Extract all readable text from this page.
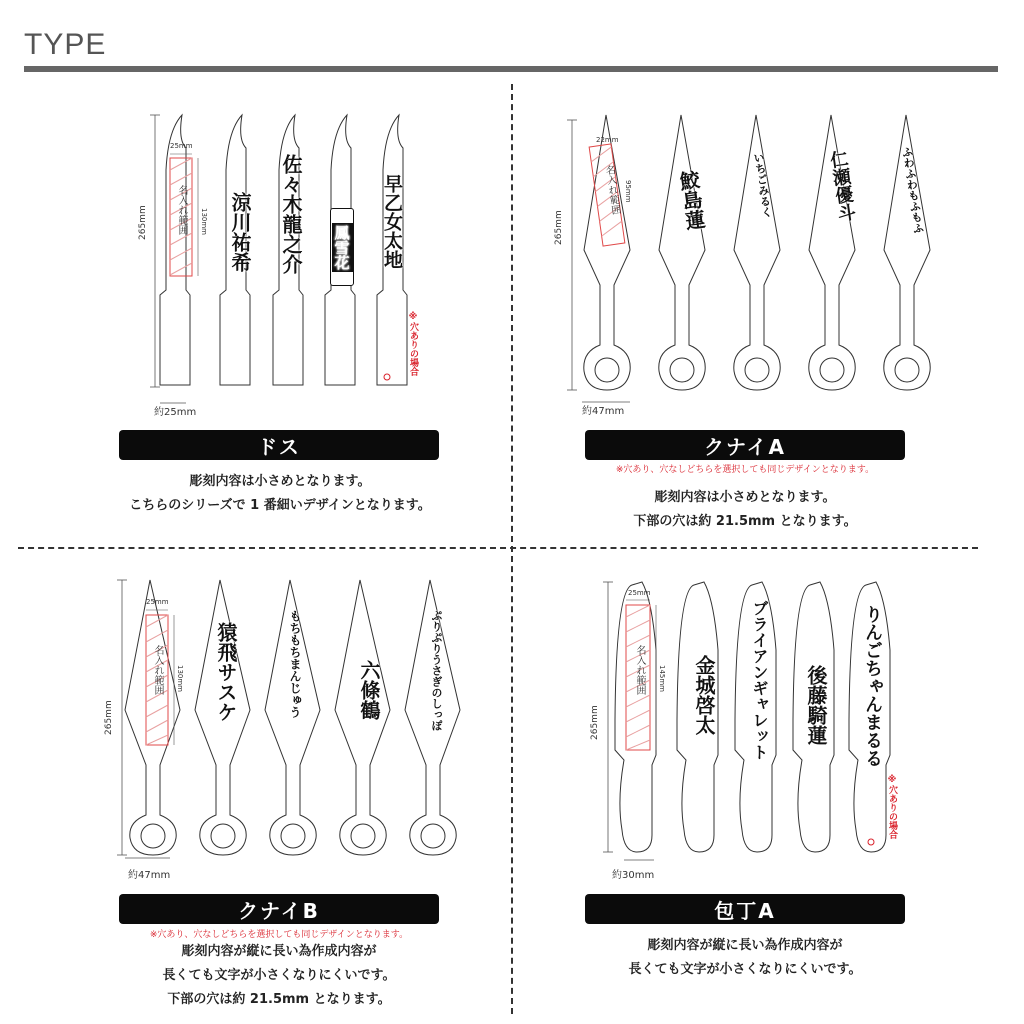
TYPE
265mm
約25mm
25mm
130mm
名入れ範囲 涼川祐希 佐々木龍之介 鳳雪花 早乙女太地
※穴ありの場合
ドス
彫刻内容は小さめとなります。
こちらのシリーズで 1 番細いデザインとなります。
265mm
約47mm
22mm
95mm
名入れ範囲	鮫島蓮	いちごみるく	仁瀬優斗	ふわふわもふもふ
クナイA
※穴あり、穴なしどちらを選択しても同じデザインとなります。
彫刻内容は小さめとなります。
下部の穴は約 21.5mm となります。
265mm
約47mm
25mm
130mm
名入れ範囲	猿飛サスケ	もちもちまんじゅう	六條鶴	ぷりぷりうさぎのしっぽ
クナイB
※穴あり、穴なしどちらを選択しても同じデザインとなります。
彫刻内容が縦に長い為作成内容が
長くても文字が小さくなりにくいです。
下部の穴は約 21.5mm となります。
265mm
約30mm
25mm
145mm
名入れ範囲 金城啓太 ブライアンギャレット 後藤騎蓮 りんごちゃんまるる
※穴ありの場合
包丁A
彫刻内容が縦に長い為作成内容が
長くても文字が小さくなりにくいです。
